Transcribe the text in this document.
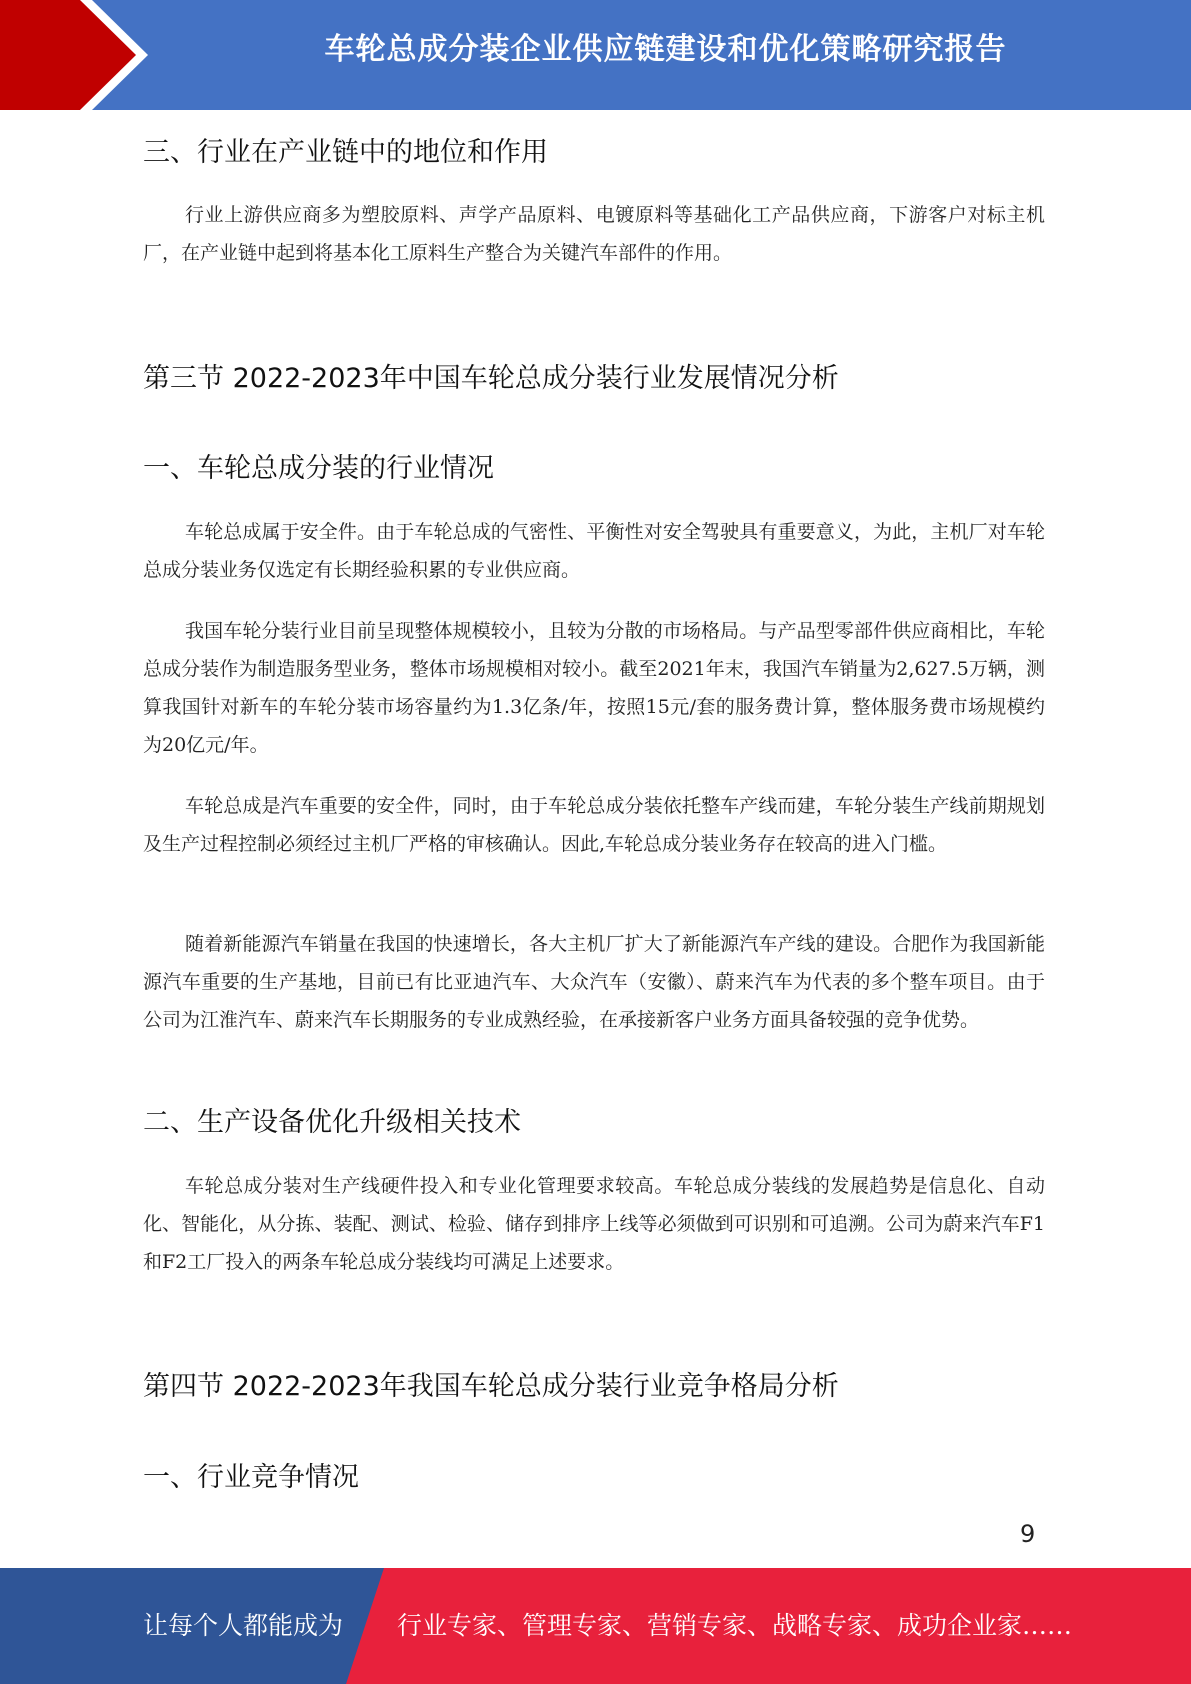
车轮总成分装企业供应链建设和优化策略研究报告
三、行业在产业链中的地位和作用

行业上游供应商多为塑胶原料、声学产品原料、电镀原料等基础化工产品供应商，下游客户对标主机厂，在产业链中起到将基本化工原料生产整合为关键汽车部件的作用。

第三节 2022-2023年中国车轮总成分装行业发展情况分析
一、车轮总成分装的行业情况

车轮总成属于安全件。由于车轮总成的气密性、平衡性对安全驾驶具有重要意义，为此，主机厂对车轮总成分装业务仅选定有长期经验积累的专业供应商。

我国车轮分装行业目前呈现整体规模较小，且较为分散的市场格局。与产品型零部件供应商相比，车轮总成分装作为制造服务型业务，整体市场规模相对较小。截至2021年末，我国汽车销量为2,627.5万辆，测算我国针对新车的车轮分装市场容量约为1.3亿条/年，按照15元/套的服务费计算，整体服务费市场规模约为20亿元/年。

车轮总成是汽车重要的安全件，同时，由于车轮总成分装依托整车产线而建，车轮分装生产线前期规划及生产过程控制必须经过主机厂严格的审核确认。因此,车轮总成分装业务存在较高的进入门槛。

随着新能源汽车销量在我国的快速增长，各大主机厂扩大了新能源汽车产线的建设。合肥作为我国新能源汽车重要的生产基地，目前已有比亚迪汽车、大众汽车（安徽）、蔚来汽车为代表的多个整车项目。由于公司为江淮汽车、蔚来汽车长期服务的专业成熟经验，在承接新客户业务方面具备较强的竞争优势。

二、生产设备优化升级相关技术

车轮总成分装对生产线硬件投入和专业化管理要求较高。车轮总成分装线的发展趋势是信息化、自动化、智能化，从分拣、装配、测试、检验、储存到排序上线等必须做到可识别和可追溯。公司为蔚来汽车F1和F2工厂投入的两条车轮总成分装线均可满足上述要求。

第四节 2022-2023年我国车轮总成分装行业竞争格局分析
一、行业竞争情况
9
让每个人都能成为 行业专家、管理专家、营销专家、战略专家、成功企业家……
